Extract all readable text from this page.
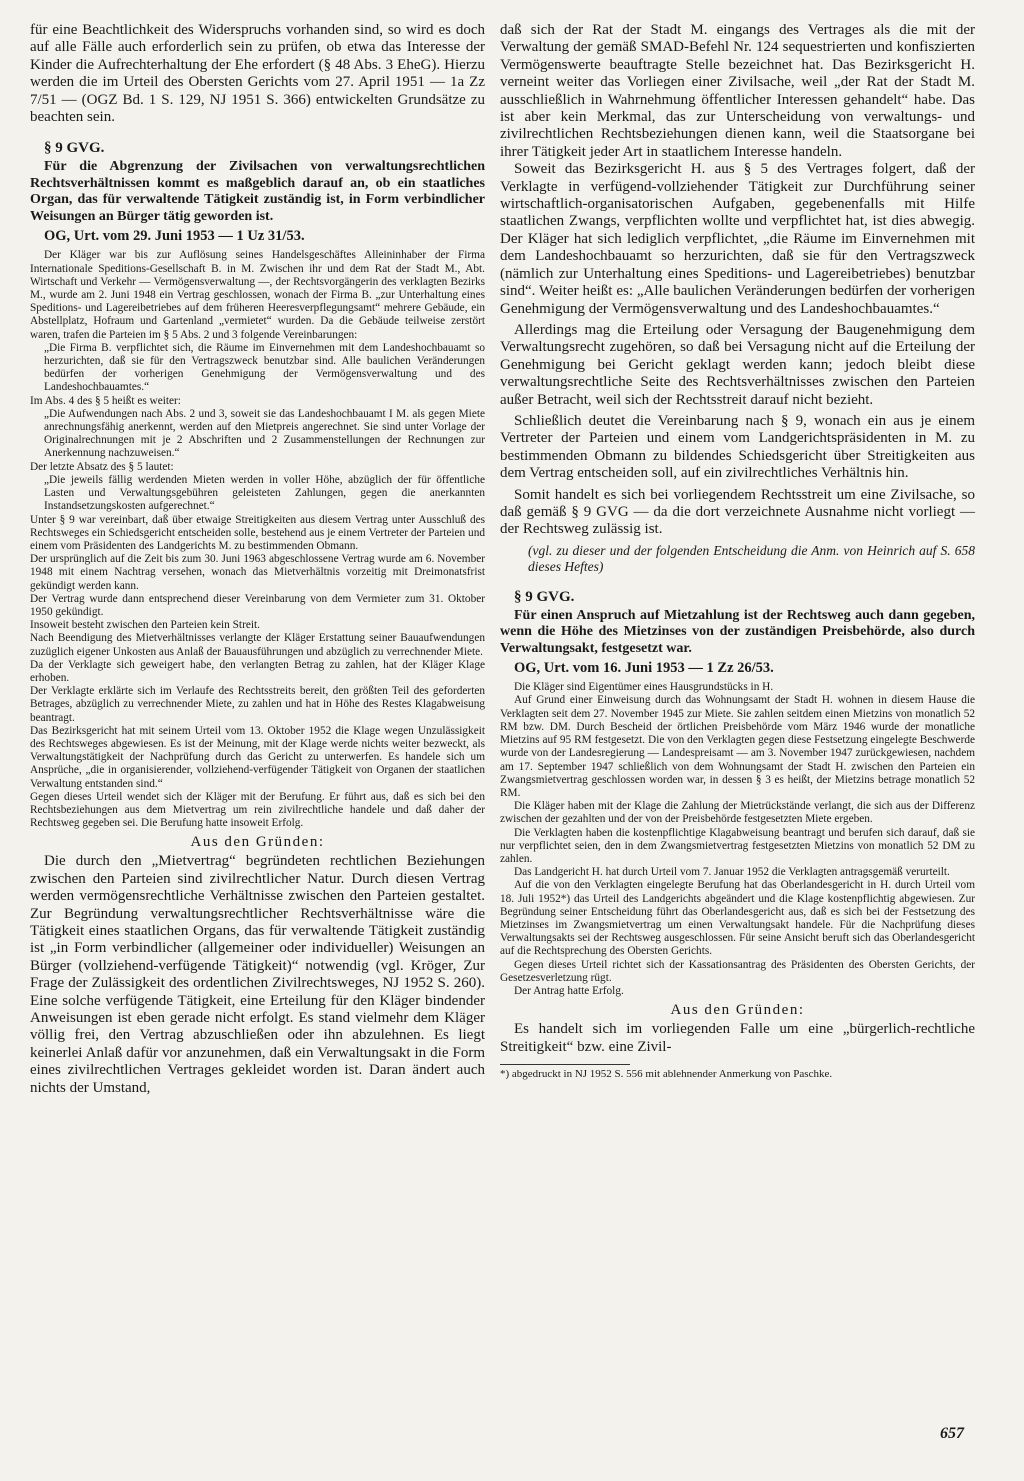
für eine Beachtlichkeit des Widerspruchs vorhanden sind, so wird es doch auf alle Fälle auch erforderlich sein zu prüfen, ob etwa das Interesse der Kinder die Aufrechterhaltung der Ehe erfordert (§ 48 Abs. 3 EheG). Hierzu werden die im Urteil des Obersten Gerichts vom 27. April 1951 — 1a Zz 7/51 — (OGZ Bd. 1 S. 129, NJ 1951 S. 366) entwickelten Grundsätze zu beachten sein.

§ 9 GVG.

Für die Abgrenzung der Zivilsachen von verwaltungsrechtlichen Rechtsverhältnissen kommt es maßgeblich darauf an, ob ein staatliches Organ, das für verwaltende Tätigkeit zuständig ist, in Form verbindlicher Weisungen an Bürger tätig geworden ist.

OG, Urt. vom 29. Juni 1953 — 1 Uz 31/53.

Der Kläger war bis zur Auflösung seines Handelsgeschäftes Alleininhaber der Firma Internationale Speditions-Gesellschaft B. in M. Zwischen ihr und dem Rat der Stadt M., Abt. Wirtschaft und Verkehr — Vermögensverwaltung —, der Rechtsvorgängerin des verklagten Bezirks M., wurde am 2. Juni 1948 ein Vertrag geschlossen, wonach der Firma B. „zur Unterhaltung eines Speditions- und Lagereibetriebes auf dem früheren Heeresverpflegungsamt“ mehrere Gebäude, ein Abstellplatz, Hofraum und Gartenland „vermietet“ wurden. Da die Gebäude teilweise zerstört waren, trafen die Parteien im § 5 Abs. 2 und 3 folgende Vereinbarungen:

„Die Firma B. verpflichtet sich, die Räume im Einvernehmen mit dem Landeshochbauamt so herzurichten, daß sie für den Vertragszweck benutzbar sind. Alle baulichen Veränderungen bedürfen der vorherigen Genehmigung der Vermögensverwaltung und des Landeshochbauamtes.“

Im Abs. 4 des § 5 heißt es weiter:

„Die Aufwendungen nach Abs. 2 und 3, soweit sie das Landeshochbauamt I M. als gegen Miete anrechnungsfähig anerkennt, werden auf den Mietpreis angerechnet. Sie sind unter Vorlage der Originalrechnungen mit je 2 Abschriften und 2 Zusammenstellungen der Rechnungen zur Anerkennung nachzuweisen.“

Der letzte Absatz des § 5 lautet:

„Die jeweils fällig werdenden Mieten werden in voller Höhe, abzüglich der für öffentliche Lasten und Verwaltungsgebühren geleisteten Zahlungen, gegen die anerkannten Instandsetzungskosten aufgerechnet.“

Unter § 9 war vereinbart, daß über etwaige Streitigkeiten aus diesem Vertrag unter Ausschluß des Rechtsweges ein Schiedsgericht entscheiden solle, bestehend aus je einem Vertreter der Parteien und einem vom Präsidenten des Landgerichts M. zu bestimmenden Obmann.

Der ursprünglich auf die Zeit bis zum 30. Juni 1963 abgeschlossene Vertrag wurde am 6. November 1948 mit einem Nachtrag versehen, wonach das Mietverhältnis vorzeitig mit Dreimonatsfrist gekündigt werden kann.

Der Vertrag wurde dann entsprechend dieser Vereinbarung von dem Vermieter zum 31. Oktober 1950 gekündigt.

Insoweit besteht zwischen den Parteien kein Streit.

Nach Beendigung des Mietverhältnisses verlangte der Kläger Erstattung seiner Bauaufwendungen zuzüglich eigener Unkosten aus Anlaß der Bauausführungen und abzüglich zu verrechnender Miete.

Da der Verklagte sich geweigert habe, den verlangten Betrag zu zahlen, hat der Kläger Klage erhoben.

Der Verklagte erklärte sich im Verlaufe des Rechtsstreits bereit, den größten Teil des geforderten Betrages, abzüglich zu verrechnender Miete, zu zahlen und hat in Höhe des Restes Klagabweisung beantragt.

Das Bezirksgericht hat mit seinem Urteil vom 13. Oktober 1952 die Klage wegen Unzulässigkeit des Rechtsweges abgewiesen. Es ist der Meinung, mit der Klage werde nichts weiter bezweckt, als Verwaltungstätigkeit der Nachprüfung durch das Gericht zu unterwerfen. Es handele sich um Ansprüche, „die in organisierender, vollziehend-verfügender Tätigkeit von Organen der staatlichen Verwaltung entstanden sind.“

Gegen dieses Urteil wendet sich der Kläger mit der Berufung. Er führt aus, daß es sich bei den Rechtsbeziehungen aus dem Mietvertrag um rein zivilrechtliche handele und daß daher der Rechtsweg gegeben sei. Die Berufung hatte insoweit Erfolg.

Aus den Gründen:

Die durch den „Mietvertrag“ begründeten rechtlichen Beziehungen zwischen den Parteien sind zivilrechtlicher Natur. Durch diesen Vertrag werden vermögensrechtliche Verhältnisse zwischen den Parteien gestaltet. Zur Begründung verwaltungsrechtlicher Rechtsverhältnisse wäre die Tätigkeit eines staatlichen Organs, das für verwaltende Tätigkeit zuständig ist „in Form verbindlicher (allgemeiner oder individueller) Weisungen an Bürger (vollziehend-verfügende Tätigkeit)“ notwendig (vgl. Kröger, Zur Frage der Zulässigkeit des ordentlichen Zivilrechtsweges, NJ 1952 S. 260). Eine solche verfügende Tätigkeit, eine Erteilung für den Kläger bindender Anweisungen ist eben gerade nicht erfolgt. Es stand vielmehr dem Kläger völlig frei, den Vertrag abzuschließen oder ihn abzulehnen. Es liegt keinerlei Anlaß dafür vor anzunehmen, daß ein Verwaltungsakt in die Form eines zivilrechtlichen Vertrages gekleidet worden ist. Daran ändert auch nichts der Umstand,

daß sich der Rat der Stadt M. eingangs des Vertrages als die mit der Verwaltung der gemäß SMAD-Befehl Nr. 124 sequestrierten und konfiszierten Vermögenswerte beauftragte Stelle bezeichnet hat. Das Bezirksgericht H. verneint weiter das Vorliegen einer Zivilsache, weil „der Rat der Stadt M. ausschließlich in Wahrnehmung öffentlicher Interessen gehandelt“ habe. Das ist aber kein Merkmal, das zur Unterscheidung von verwaltungs- und zivilrechtlichen Rechtsbeziehungen dienen kann, weil die Staatsorgane bei ihrer Tätigkeit jeder Art in staatlichem Interesse handeln.

Soweit das Bezirksgericht H. aus § 5 des Vertrages folgert, daß der Verklagte in verfügend-vollziehender Tätigkeit zur Durchführung seiner wirtschaftlich-organisatorischen Aufgaben, gegebenenfalls mit Hilfe staatlichen Zwangs, verpflichten wollte und verpflichtet hat, ist dies abwegig. Der Kläger hat sich lediglich verpflichtet, „die Räume im Einvernehmen mit dem Landeshochbauamt so herzurichten, daß sie für den Vertragszweck (nämlich zur Unterhaltung eines Speditions- und Lagereibetriebes) benutzbar sind“. Weiter heißt es: „Alle baulichen Veränderungen bedürfen der vorherigen Genehmigung der Vermögensverwaltung und des Landeshochbauamtes.“

Allerdings mag die Erteilung oder Versagung der Baugenehmigung dem Verwaltungsrecht zugehören, so daß bei Versagung nicht auf die Erteilung der Genehmigung bei Gericht geklagt werden kann; jedoch bleibt diese verwaltungsrechtliche Seite des Rechtsverhältnisses zwischen den Parteien außer Betracht, weil sich der Rechtsstreit darauf nicht bezieht.

Schließlich deutet die Vereinbarung nach § 9, wonach ein aus je einem Vertreter der Parteien und einem vom Landgerichtspräsidenten in M. zu bestimmenden Obmann zu bildendes Schiedsgericht über Streitigkeiten aus dem Vertrag entscheiden soll, auf ein zivilrechtliches Verhältnis hin.

Somit handelt es sich bei vorliegendem Rechtsstreit um eine Zivilsache, so daß gemäß § 9 GVG — da die dort verzeichnete Ausnahme nicht vorliegt — der Rechtsweg zulässig ist.

(vgl. zu dieser und der folgenden Entscheidung die Anm. von Heinrich auf S. 658 dieses Heftes)

§ 9 GVG.

Für einen Anspruch auf Mietzahlung ist der Rechtsweg auch dann gegeben, wenn die Höhe des Mietzinses von der zuständigen Preisbehörde, also durch Verwaltungsakt, festgesetzt war.

OG, Urt. vom 16. Juni 1953 — 1 Zz 26/53.

Die Kläger sind Eigentümer eines Hausgrundstücks in H.

Auf Grund einer Einweisung durch das Wohnungsamt der Stadt H. wohnen in diesem Hause die Verklagten seit dem 27. November 1945 zur Miete. Sie zahlen seitdem einen Mietzins von monatlich 52 RM bzw. DM. Durch Bescheid der örtlichen Preisbehörde vom März 1946 wurde der monatliche Mietzins auf 95 RM festgesetzt. Die von den Verklagten gegen diese Festsetzung eingelegte Beschwerde wurde von der Landesregierung — Landespreisamt — am 3. November 1947 zurückgewiesen, nachdem am 17. September 1947 schließlich von dem Wohnungsamt der Stadt H. zwischen den Parteien ein Zwangsmietvertrag geschlossen worden war, in dessen § 3 es heißt, der Mietzins betrage monatlich 52 RM.

Die Kläger haben mit der Klage die Zahlung der Mietrückstände verlangt, die sich aus der Differenz zwischen der gezahlten und der von der Preisbehörde festgesetzten Miete ergeben.

Die Verklagten haben die kostenpflichtige Klagabweisung beantragt und berufen sich darauf, daß sie nur verpflichtet seien, den in dem Zwangsmietvertrag festgesetzten Mietzins von monatlich 52 DM zu zahlen.

Das Landgericht H. hat durch Urteil vom 7. Januar 1952 die Verklagten antragsgemäß verurteilt.

Auf die von den Verklagten eingelegte Berufung hat das Oberlandesgericht in H. durch Urteil vom 18. Juli 1952*) das Urteil des Landgerichts abgeändert und die Klage kostenpflichtig abgewiesen. Zur Begründung seiner Entscheidung führt das Oberlandesgericht aus, daß es sich bei der Festsetzung des Mietzinses im Zwangsmietvertrag um einen Verwaltungsakt handele. Für die Nachprüfung dieses Verwaltungsakts sei der Rechtsweg ausgeschlossen. Für seine Ansicht beruft sich das Oberlandesgericht auf die Rechtsprechung des Obersten Gerichts.

Gegen dieses Urteil richtet sich der Kassationsantrag des Präsidenten des Obersten Gerichts, der Gesetzesverletzung rügt.

Der Antrag hatte Erfolg.

Aus den Gründen:

Es handelt sich im vorliegenden Falle um eine „bürgerlich-rechtliche Streitigkeit“ bzw. eine Zivil-

*) abgedruckt in NJ 1952 S. 556 mit ablehnender Anmerkung von Paschke.

657
